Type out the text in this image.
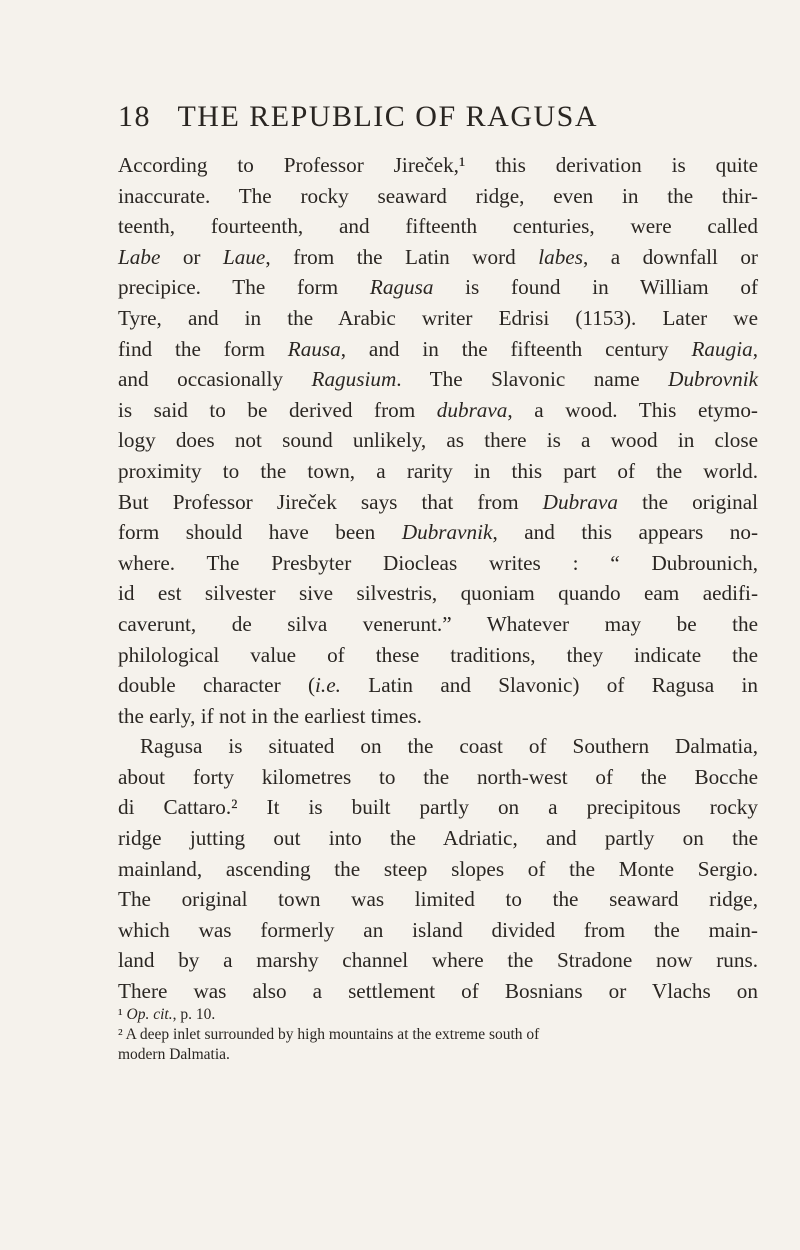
18 THE REPUBLIC OF RAGUSA
According to Professor Jireček,¹ this derivation is quite
inaccurate. The rocky seaward ridge, even in the thir-
teenth, fourteenth, and fifteenth centuries, were called
Labe or Laue, from the Latin word labes, a downfall or
precipice. The form Ragusa is found in William of
Tyre, and in the Arabic writer Edrisi (1153). Later we
find the form Rausa, and in the fifteenth century Raugia,
and occasionally Ragusium. The Slavonic name Dubrovnik
is said to be derived from dubrava, a wood. This etymo-
logy does not sound unlikely, as there is a wood in close
proximity to the town, a rarity in this part of the world.
But Professor Jireček says that from Dubrava the original
form should have been Dubravnik, and this appears no-
where. The Presbyter Diocleas writes : “ Dubrounich,
id est silvester sive silvestris, quoniam quando eam aedifi-
caverunt, de silva venerunt.” Whatever may be the
philological value of these traditions, they indicate the
double character (i.e. Latin and Slavonic) of Ragusa in
the early, if not in the earliest times.
Ragusa is situated on the coast of Southern Dalmatia,
about forty kilometres to the north-west of the Bocche
di Cattaro.² It is built partly on a precipitous rocky
ridge jutting out into the Adriatic, and partly on the
mainland, ascending the steep slopes of the Monte Sergio.
The original town was limited to the seaward ridge,
which was formerly an island divided from the main-
land by a marshy channel where the Stradone now runs.
There was also a settlement of Bosnians or Vlachs on
¹ Op. cit., p. 10.
² A deep inlet surrounded by high mountains at the extreme south of
modern Dalmatia.
